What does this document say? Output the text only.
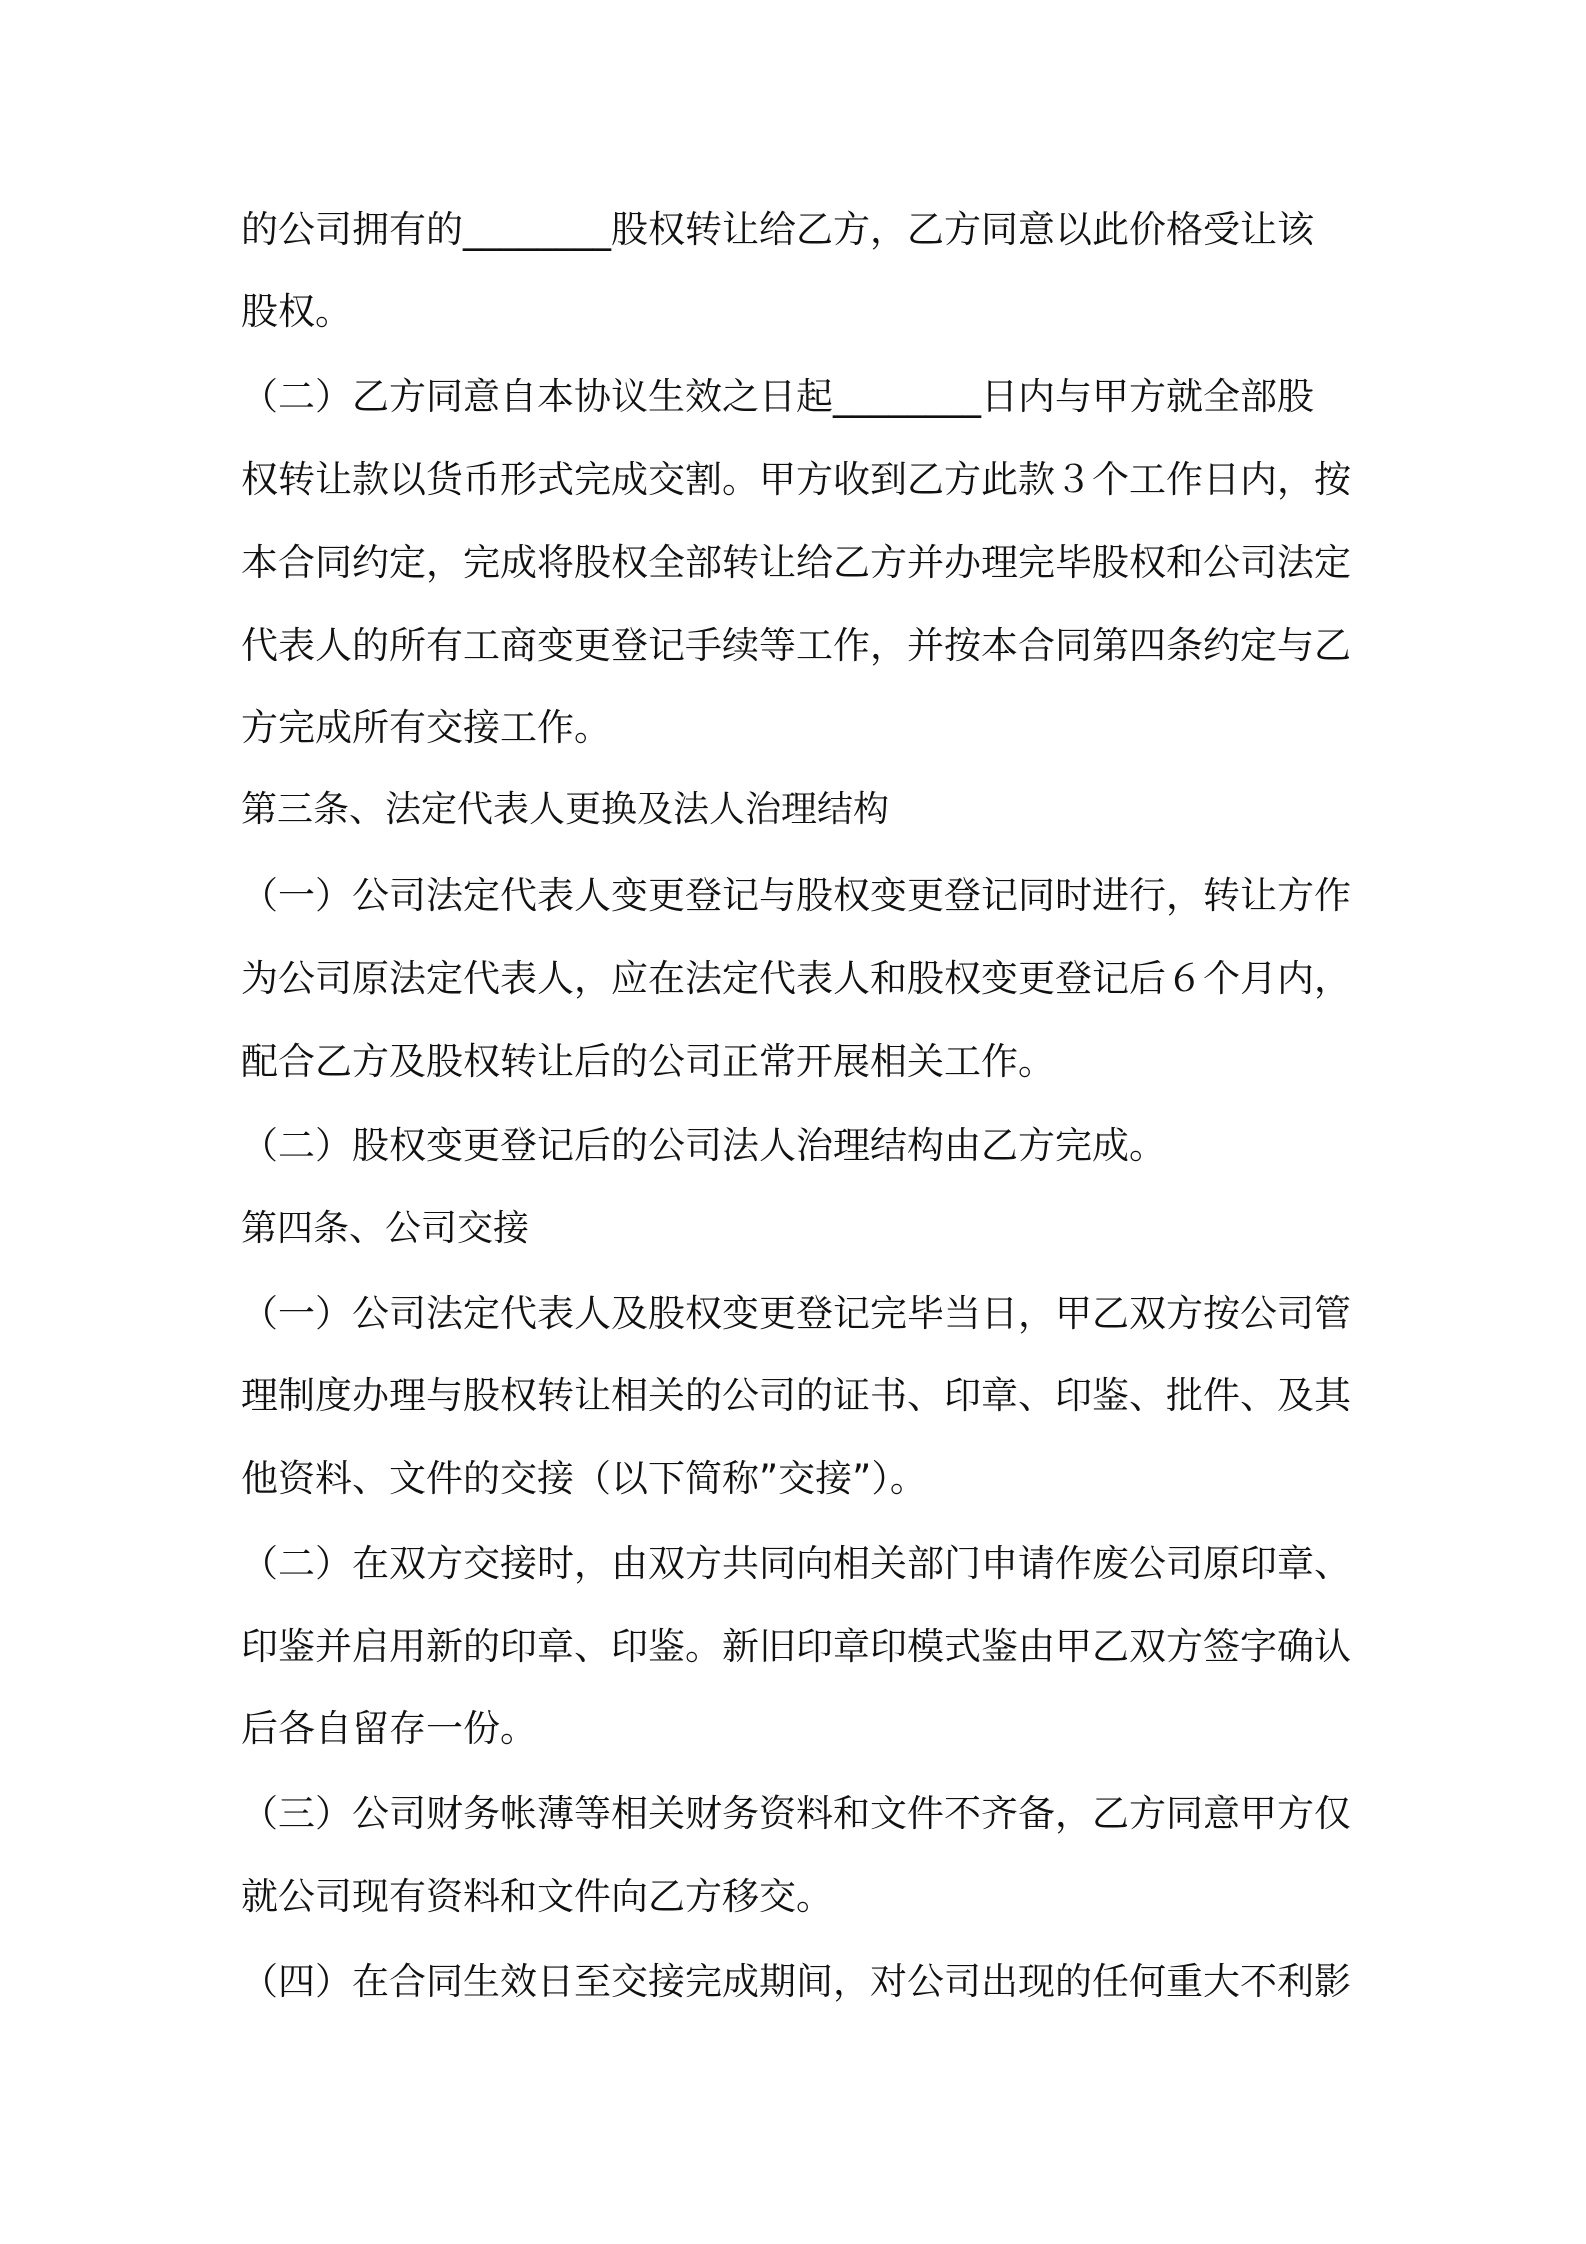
的公司拥有的________股权转让给乙方，乙方同意以此价格受让该
股权。
（二）乙方同意自本协议生效之日起________日内与甲方就全部股
权转让款以货币形式完成交割。甲方收到乙方此款３个工作日内，按
本合同约定，完成将股权全部转让给乙方并办理完毕股权和公司法定
代表人的所有工商变更登记手续等工作，并按本合同第四条约定与乙
方完成所有交接工作。
第三条、法定代表人更换及法人治理结构
（一）公司法定代表人变更登记与股权变更登记同时进行，转让方作
为公司原法定代表人，应在法定代表人和股权变更登记后６个月内，
配合乙方及股权转让后的公司正常开展相关工作。
（二）股权变更登记后的公司法人治理结构由乙方完成。
第四条、公司交接
（一）公司法定代表人及股权变更登记完毕当日，甲乙双方按公司管
理制度办理与股权转让相关的公司的证书、印章、印鉴、批件、及其
他资料、文件的交接（以下简称”交接”）。
（二）在双方交接时，由双方共同向相关部门申请作废公司原印章、
印鉴并启用新的印章、印鉴。新旧印章印模式鉴由甲乙双方签字确认
后各自留存一份。
（三）公司财务帐薄等相关财务资料和文件不齐备，乙方同意甲方仅
就公司现有资料和文件向乙方移交。
（四）在合同生效日至交接完成期间，对公司出现的任何重大不利影
